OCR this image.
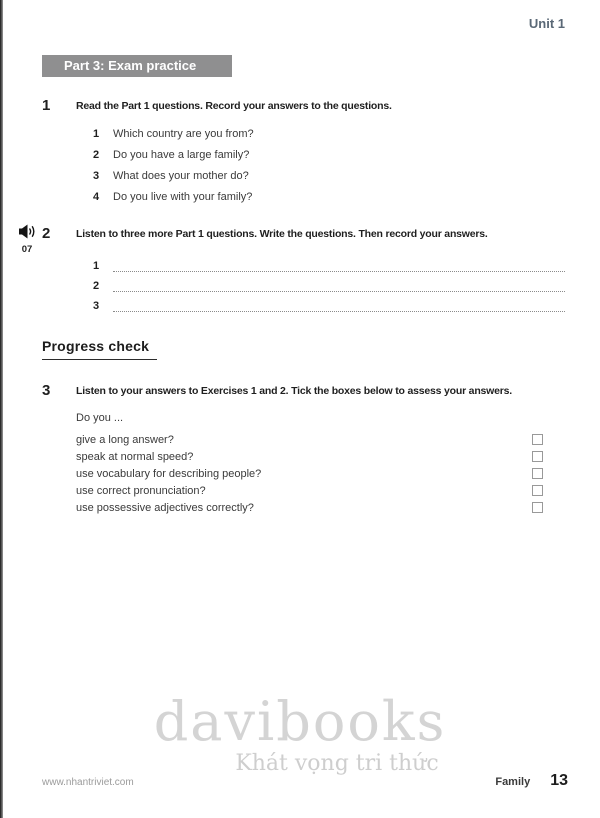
Unit 1
Part 3: Exam practice
1	Read the Part 1 questions. Record your answers to the questions.
1	Which country are you from?
2	Do you have a large family?
3	What does your mother do?
4	Do you live with your family?
07
2	Listen to three more Part 1 questions. Write the questions. Then record your answers.
1
2
3
Progress check
3	Listen to your answers to Exercises 1 and 2. Tick the boxes below to assess your answers.
Do you ...
give a long answer?
speak at normal speed?
use vocabulary for describing people?
use correct pronunciation?
use possessive adjectives correctly?
davibooks
Khát vọng tri thức
www.nhantriviet.com	Family 13
